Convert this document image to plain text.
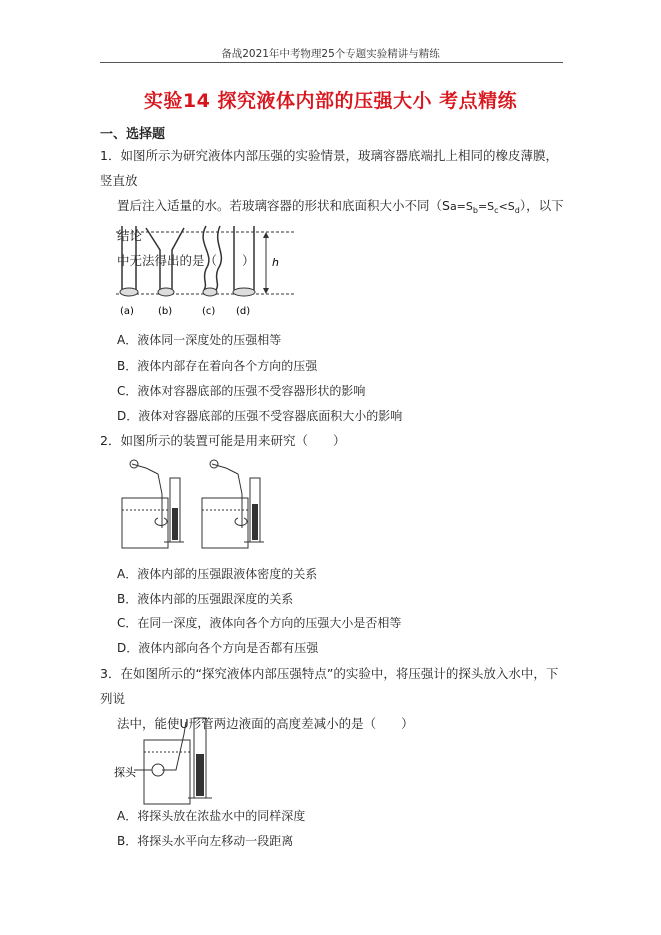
备战2021年中考物理25个专题实验精讲与精练
实验14 探究液体内部的压强大小 考点精练
一、选择题
1．如图所示为研究液体内部压强的实验情景，玻璃容器底端扎上相同的橡皮薄膜，竖直放
置后注入适量的水。若玻璃容器的形状和底面积大小不同$(Sa=S_b=S_c<S_d)$，以下结论
中无法得出的是（　　）	h
(a) (b)	(c) (d)
A．液体同一深度处的压强相等
B．液体内部存在着向各个方向的压强
C．液体对容器底部的压强不受容器形状的影响
D．液体对容器底部的压强不受容器底面积大小的影响
2．如图所示的装置可能是用来研究（　　）
A．液体内部的压强跟液体密度的关系
B．液体内部的压强跟深度的关系
C．在同一深度，液体向各个方向的压强大小是否相等
D．液体内部向各个方向是否都有压强
3．在如图所示的“探究液体内部压强特点”的实验中，将压强计的探头放入水中，下列说
法中，能使U形管两边液面的高度差减小的是（　　）
探头
A．将探头放在浓盐水中的同样深度
B．将探头水平向左移动一段距离
